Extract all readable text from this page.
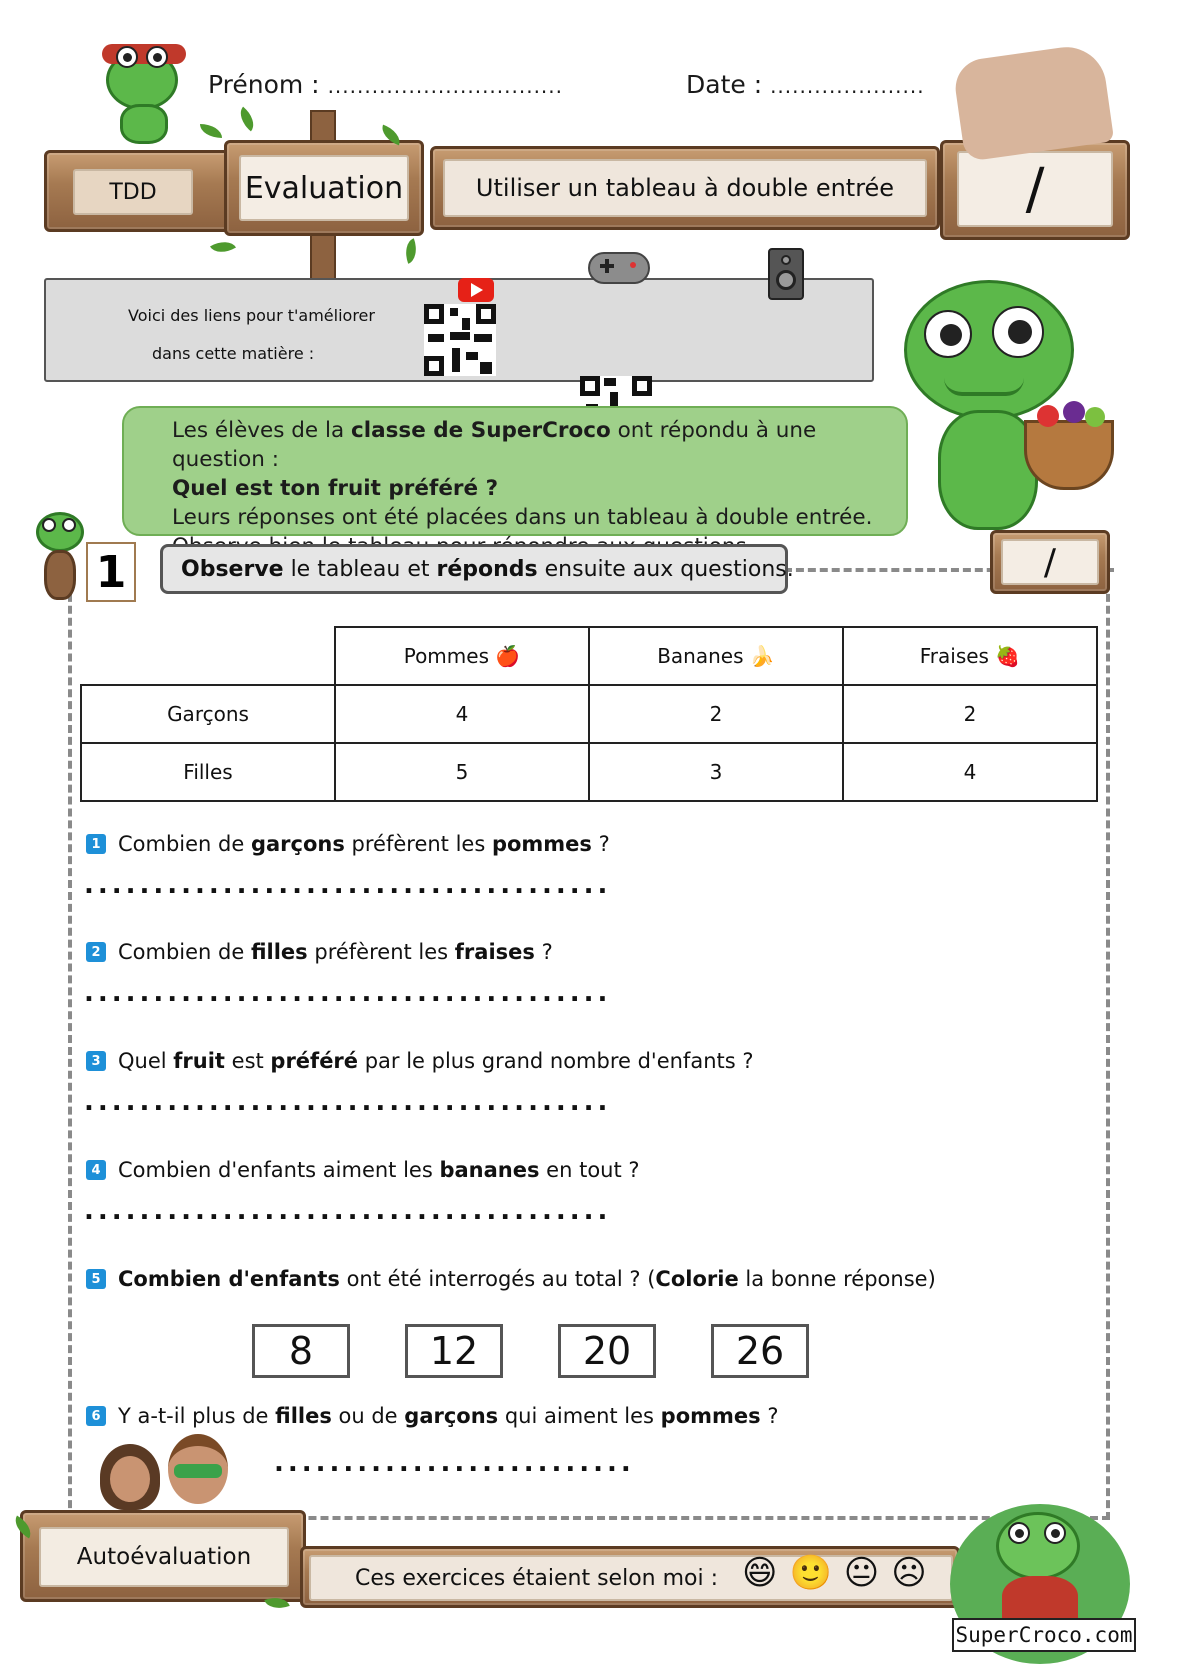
Prénom : ................................	Date : .....................
TDD	Evaluation	Utiliser un tableau à double entrée /
Voici des liens pour t'améliorer
dans cette matière :
Les élèves de la classe de SuperCroco ont répondu à une question :
Quel est ton fruit préféré ?
Leurs réponses ont été placées dans un tableau à double entrée.
1	Observe le tableau et réponds ensuite aux questions.	/
	Pommes 🍎	Bananes 🍌	Fraises 🍓
Garçons	4	2	2
Filles	5	3	4
1 Combien de garçons préfèrent les pommes ?
......................................
2 Combien de filles préfèrent les fraises ?
......................................
3 Quel fruit est préféré par le plus grand nombre d'enfants ?
......................................
4 Combien d'enfants aiment les bananes en tout ?
......................................
5 Combien d'enfants ont été interrogés au total ? ( Colorie la bonne réponse)
8	12	20	26
6 Y a-t-il plus de filles ou de garçons qui aiment les pommes ?
..........................
Autoévaluation
Ces exercices étaient selon moi : 😄 🙂 😐 ☹
SuperCroco.com
